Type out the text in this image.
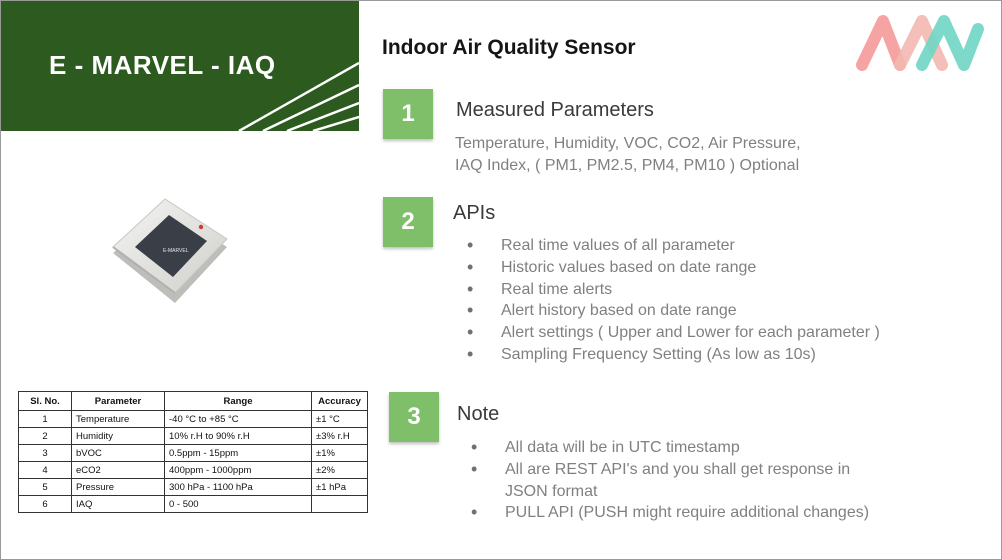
E - MARVEL - IAQ
Indoor Air Quality Sensor
1	Measured Parameters
Temperature, Humidity, VOC, CO2, Air Pressure,
IAQ Index, ( PM1, PM2.5, PM4, PM10 ) Optional
2	APIs
• Real time values of all parameter
• Historic values based on date range
• Real time alerts
• Alert history based on date range
• Alert settings ( Upper and Lower for each parameter )
• Sampling Frequency Setting (As low as 10s)
3	Note
• All data will be in UTC timestamp
• All are REST API's and you shall get response in JSON format
• PULL API (PUSH might require additional changes)
E-MARVEL
Sl. No.	Parameter	Range	Accuracy
1	Temperature	-40 °C to +85 °C	±1 °C
2	Humidity	10% r.H to 90% r.H	±3% r.H
3	bVOC	0.5ppm - 15ppm	±1%
4	eCO2	400ppm - 1000ppm	±2%
5	Pressure	300 hPa - 1100 hPa	±1 hPa
6	IAQ	0 - 500	
